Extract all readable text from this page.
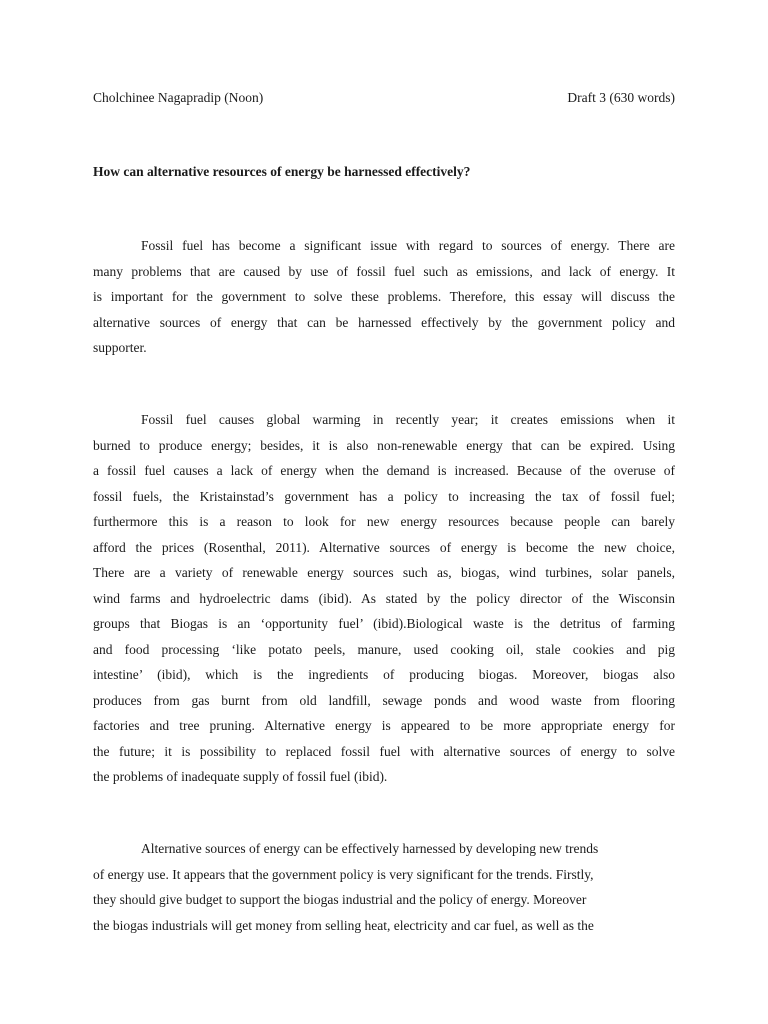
Cholchinee Nagapradip (Noon)	Draft 3 (630 words)
How can alternative resources of energy be harnessed effectively?
Fossil fuel has become a significant issue with regard to sources of energy. There are
many problems that are caused by use of fossil fuel such as emissions, and lack of energy. It
is important for the government to solve these problems. Therefore, this essay will discuss the
alternative sources of energy that can be harnessed effectively by the government policy and
supporter.
Fossil fuel causes global warming in recently year; it creates emissions when it
burned to produce energy; besides, it is also non-renewable energy that can be expired. Using
a fossil fuel causes a lack of energy when the demand is increased. Because of the overuse of
fossil fuels, the Kristainstad’s government has a policy to increasing the tax of fossil fuel;
furthermore this is a reason to look for new energy resources because people can barely
afford the prices (Rosenthal, 2011). Alternative sources of energy is become the new choice,
There are a variety of renewable energy sources such as, biogas, wind turbines, solar panels,
wind farms and hydroelectric dams (ibid). As stated by the policy director of the Wisconsin
groups that Biogas is an ‘opportunity fuel’ (ibid).Biological waste is the detritus of farming
and food processing ‘like potato peels, manure, used cooking oil, stale cookies and pig
intestine’ (ibid), which is the ingredients of producing biogas. Moreover, biogas also
produces from gas burnt from old landfill, sewage ponds and wood waste from flooring
factories and tree pruning. Alternative energy is appeared to be more appropriate energy for
the future; it is possibility to replaced fossil fuel with alternative sources of energy to solve
the problems of inadequate supply of fossil fuel (ibid).
Alternative sources of energy can be effectively harnessed by developing new trends
of energy use. It appears that the government policy is very significant for the trends. Firstly,
they should give budget to support the biogas industrial and the policy of energy. Moreover
the biogas industrials will get money from selling heat, electricity and car fuel, as well as the
